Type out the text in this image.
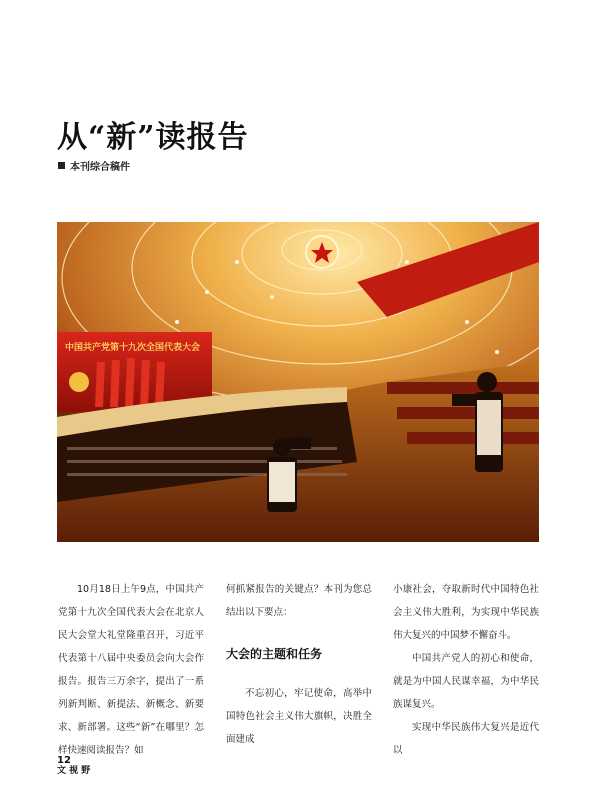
从“新”读报告
本刊综合稿件
中国共产党第十九次全国代表大会

10月18日上午9点，中国共产党第十九次全国代表大会在北京人民大会堂大礼堂隆重召开，习近平代表第十八届中央委员会向大会作报告。报告三万余字，提出了一系列新判断、新提法、新概念、新要求、新部署。这些“新”在哪里？怎样快速阅读报告？如

何抓紧报告的关键点？本刊为您总结出以下要点：

大会的主题和任务

不忘初心，牢记使命，高举中国特色社会主义伟大旗帜，决胜全面建成

小康社会，夺取新时代中国特色社会主义伟大胜利，为实现中华民族伟大复兴的中国梦不懈奋斗。

中国共产党人的初心和使命，就是为中国人民谋幸福，为中华民族谋复兴。

实现中华民族伟大复兴是近代以

12
文 视 野
